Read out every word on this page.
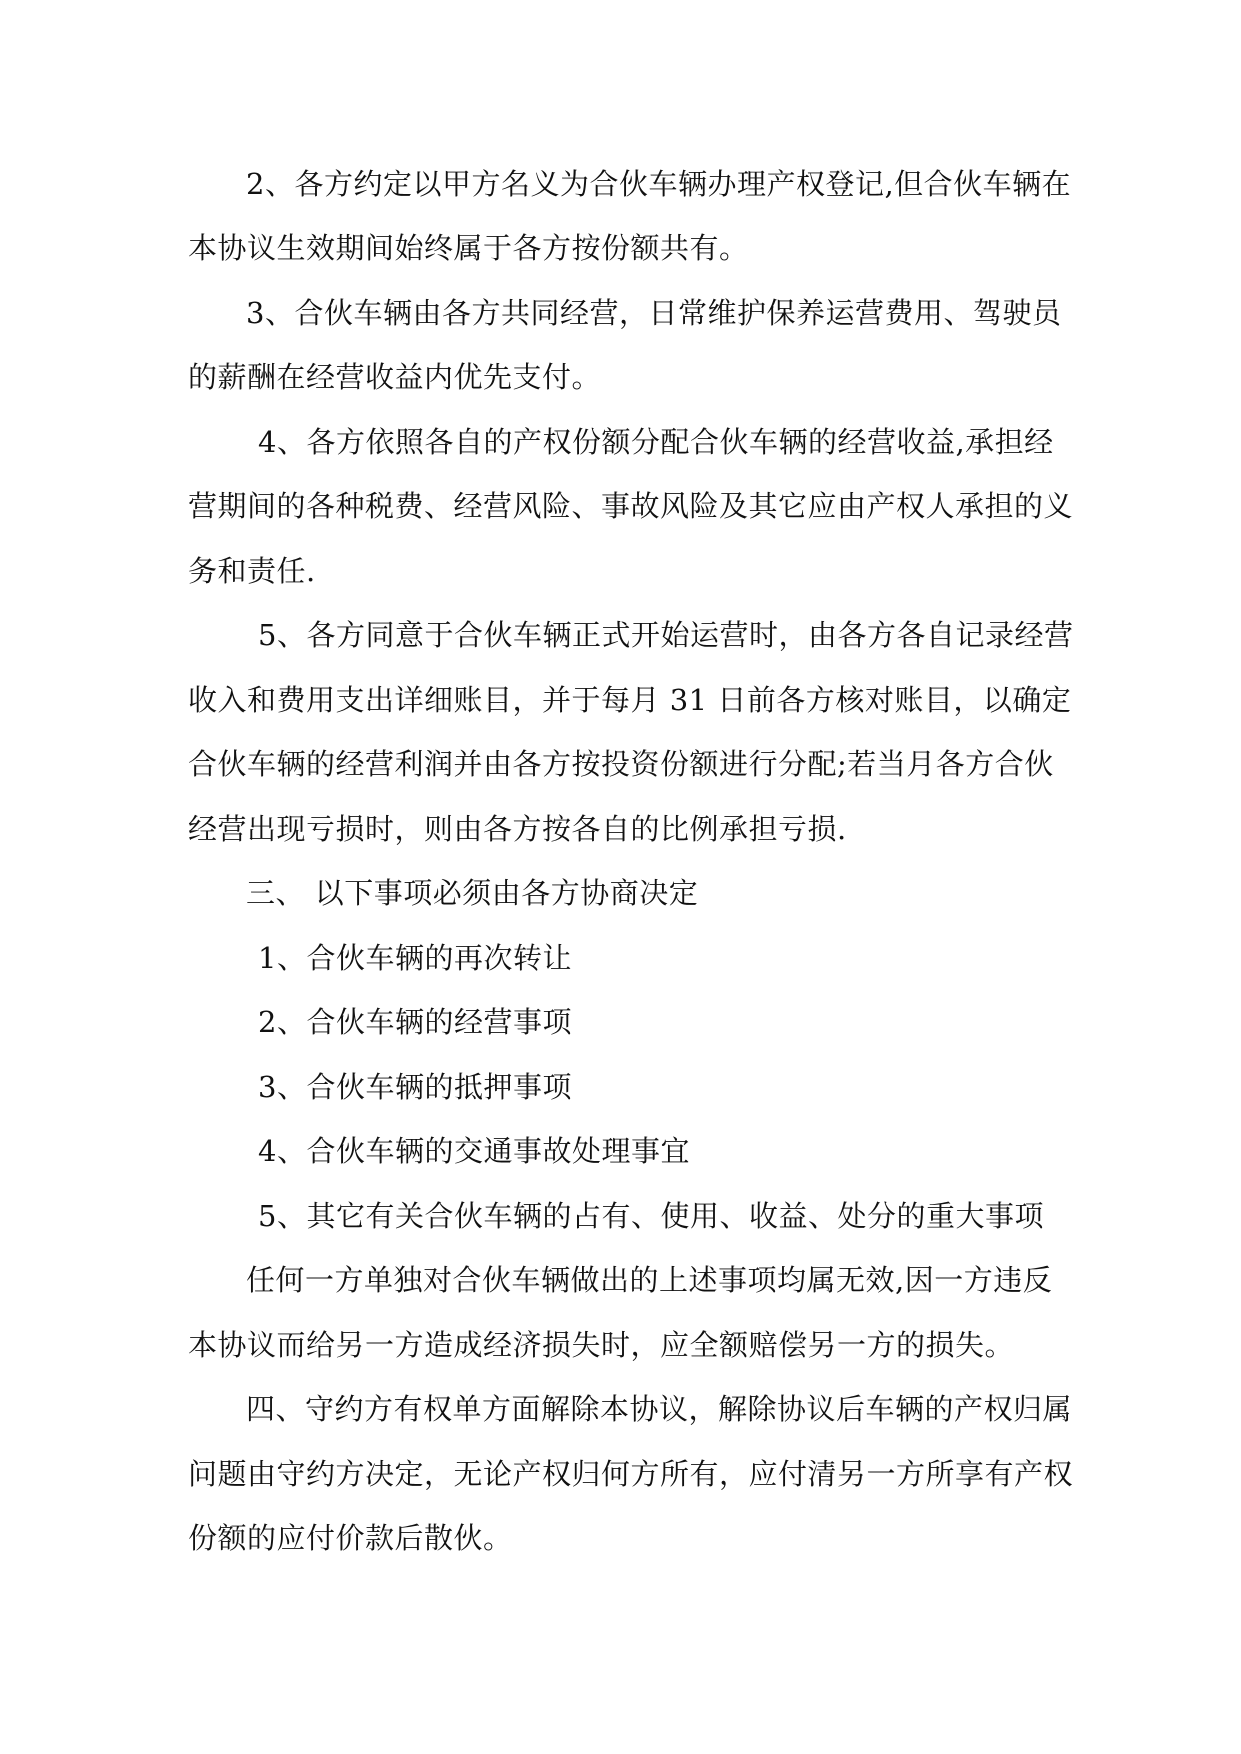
2、各方约定以甲方名义为合伙车辆办理产权登记,但合伙车辆在
本协议生效期间始终属于各方按份额共有。
3、合伙车辆由各方共同经营，日常维护保养运营费用、驾驶员
的薪酬在经营收益内优先支付。
4、各方依照各自的产权份额分配合伙车辆的经营收益,承担经
营期间的各种税费、经营风险、事故风险及其它应由产权人承担的义
务和责任.
5、各方同意于合伙车辆正式开始运营时，由各方各自记录经营
收入和费用支出详细账目，并于每月 31 日前各方核对账目，以确定
合伙车辆的经营利润并由各方按投资份额进行分配;若当月各方合伙
经营出现亏损时，则由各方按各自的比例承担亏损.
三、 以下事项必须由各方协商决定
1、合伙车辆的再次转让
2、合伙车辆的经营事项
3、合伙车辆的抵押事项
4、合伙车辆的交通事故处理事宜
5、其它有关合伙车辆的占有、使用、收益、处分的重大事项
任何一方单独对合伙车辆做出的上述事项均属无效,因一方违反
本协议而给另一方造成经济损失时，应全额赔偿另一方的损失。
四、守约方有权单方面解除本协议，解除协议后车辆的产权归属
问题由守约方决定，无论产权归何方所有，应付清另一方所享有产权
份额的应付价款后散伙。
